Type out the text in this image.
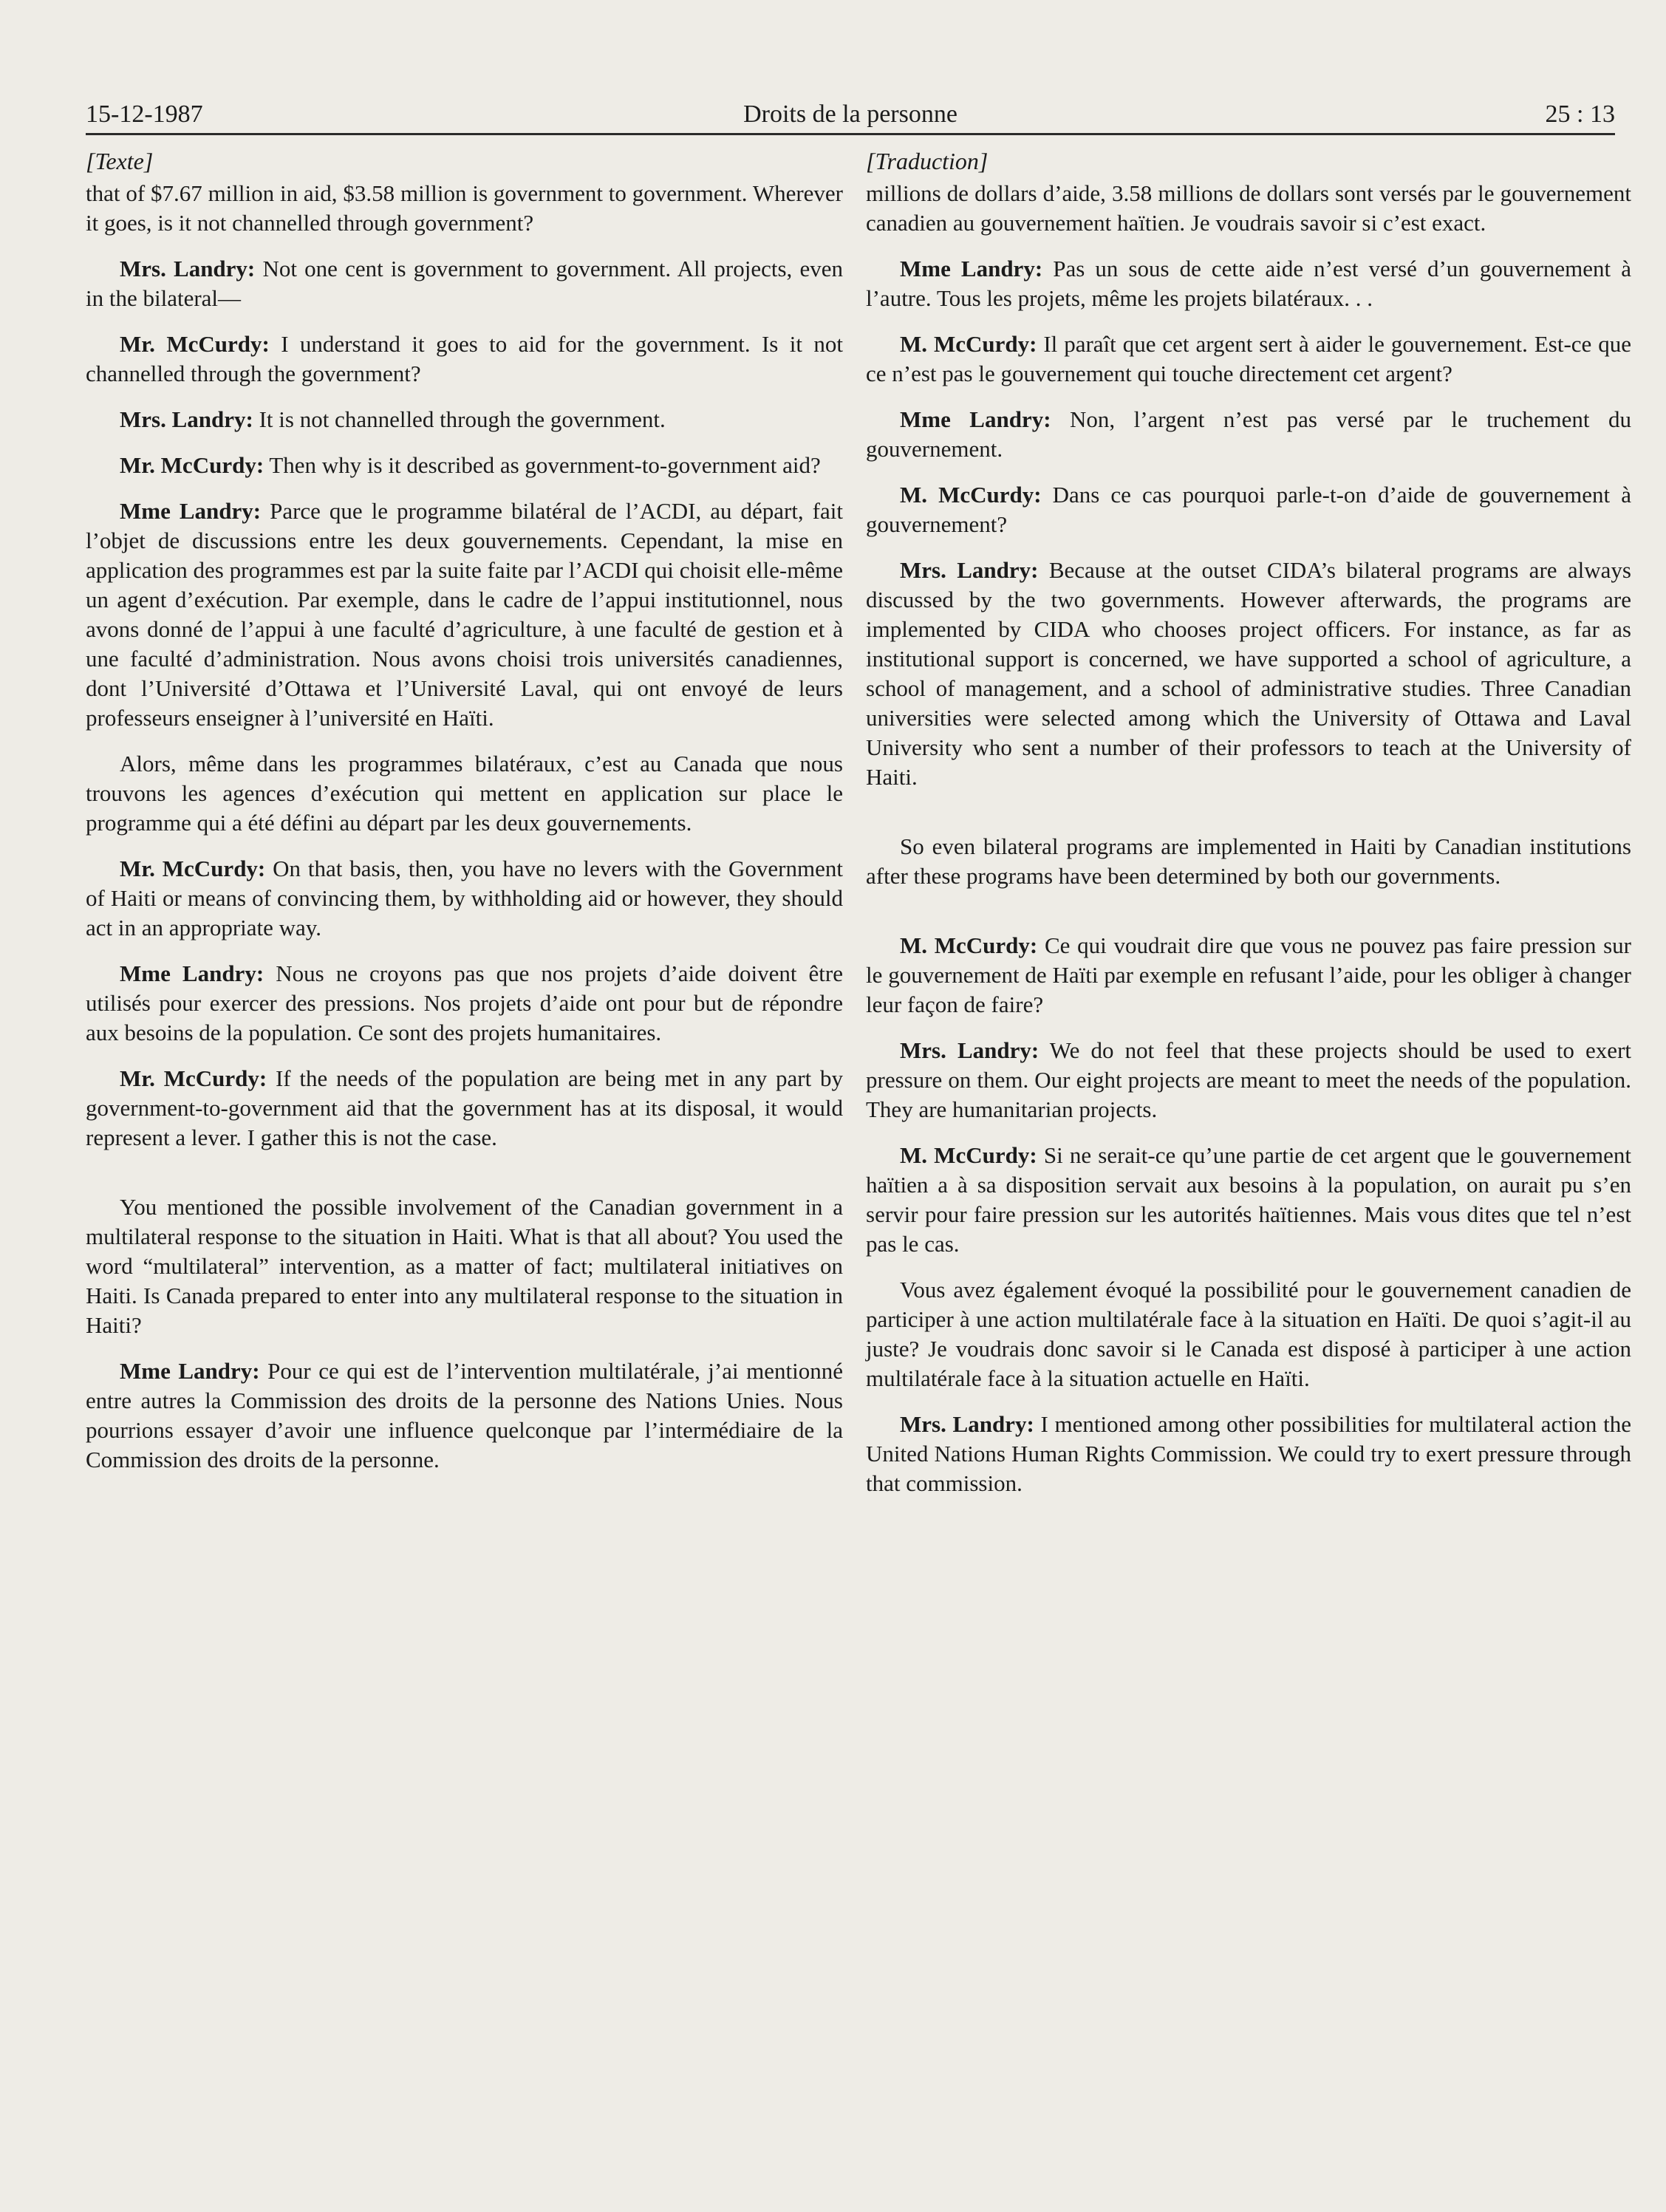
15-12-1987	Droits de la personne	25 : 13
[Texte]

that of $7.67 million in aid, $3.58 million is government to government. Wherever it goes, is it not channelled through government?

Mrs. Landry: Not one cent is government to government. All projects, even in the bilateral—

Mr. McCurdy: I understand it goes to aid for the government. Is it not channelled through the government?

Mrs. Landry: It is not channelled through the government.

Mr. McCurdy: Then why is it described as government-to-government aid?

Mme Landry: Parce que le programme bilatéral de l’ACDI, au départ, fait l’objet de discussions entre les deux gouvernements. Cependant, la mise en application des programmes est par la suite faite par l’ACDI qui choisit elle-même un agent d’exécution. Par exemple, dans le cadre de l’appui institutionnel, nous avons donné de l’appui à une faculté d’agriculture, à une faculté de gestion et à une faculté d’administration. Nous avons choisi trois universités canadiennes, dont l’Université d’Ottawa et l’Université Laval, qui ont envoyé de leurs professeurs enseigner à l’université en Haïti.

Alors, même dans les programmes bilatéraux, c’est au Canada que nous trouvons les agences d’exécution qui mettent en application sur place le programme qui a été défini au départ par les deux gouvernements.

Mr. McCurdy: On that basis, then, you have no levers with the Government of Haiti or means of convincing them, by withholding aid or however, they should act in an appropriate way.

Mme Landry: Nous ne croyons pas que nos projets d’aide doivent être utilisés pour exercer des pressions. Nos projets d’aide ont pour but de répondre aux besoins de la population. Ce sont des projets humanitaires.

Mr. McCurdy: If the needs of the population are being met in any part by government-to-government aid that the government has at its disposal, it would represent a lever. I gather this is not the case.

You mentioned the possible involvement of the Canadian government in a multilateral response to the situation in Haiti. What is that all about? You used the word “multilateral” intervention, as a matter of fact; multilateral initiatives on Haiti. Is Canada prepared to enter into any multilateral response to the situation in Haiti?

Mme Landry: Pour ce qui est de l’intervention multilatérale, j’ai mentionné entre autres la Commission des droits de la personne des Nations Unies. Nous pourrions essayer d’avoir une influence quelconque par l’intermédiaire de la Commission des droits de la personne.

[Traduction]

millions de dollars d’aide, 3.58 millions de dollars sont versés par le gouvernement canadien au gouvernement haïtien. Je voudrais savoir si c’est exact.

Mme Landry: Pas un sous de cette aide n’est versé d’un gouvernement à l’autre. Tous les projets, même les projets bilatéraux. . .

M. McCurdy: Il paraît que cet argent sert à aider le gouvernement. Est-ce que ce n’est pas le gouvernement qui touche directement cet argent?

Mme Landry: Non, l’argent n’est pas versé par le truchement du gouvernement.

M. McCurdy: Dans ce cas pourquoi parle-t-on d’aide de gouvernement à gouvernement?

Mrs. Landry: Because at the outset CIDA’s bilateral programs are always discussed by the two governments. However afterwards, the programs are implemented by CIDA who chooses project officers. For instance, as far as institutional support is concerned, we have supported a school of agriculture, a school of management, and a school of administrative studies. Three Canadian universities were selected among which the University of Ottawa and Laval University who sent a number of their professors to teach at the University of Haiti.

So even bilateral programs are implemented in Haiti by Canadian institutions after these programs have been determined by both our governments.

M. McCurdy: Ce qui voudrait dire que vous ne pouvez pas faire pression sur le gouvernement de Haïti par exemple en refusant l’aide, pour les obliger à changer leur façon de faire?

Mrs. Landry: We do not feel that these projects should be used to exert pressure on them. Our eight projects are meant to meet the needs of the population. They are humanitarian projects.

M. McCurdy: Si ne serait-ce qu’une partie de cet argent que le gouvernement haïtien a à sa disposition servait aux besoins à la population, on aurait pu s’en servir pour faire pression sur les autorités haïtiennes. Mais vous dites que tel n’est pas le cas.

Vous avez également évoqué la possibilité pour le gouvernement canadien de participer à une action multilatérale face à la situation en Haïti. De quoi s’agit-il au juste? Je voudrais donc savoir si le Canada est disposé à participer à une action multilatérale face à la situation actuelle en Haïti.

Mrs. Landry: I mentioned among other possibilities for multilateral action the United Nations Human Rights Commission. We could try to exert pressure through that commission.
